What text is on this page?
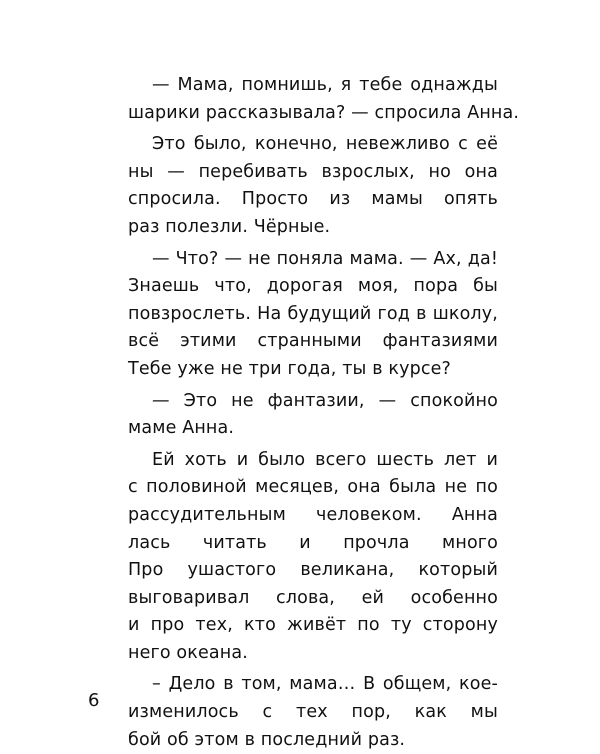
— Мама, помнишь, я тебе однажды
шарики рассказывала? — спросила Анна.
Это было, конечно, невежливо с её
ны — перебивать взрослых, но она
спросила. Просто из мамы опять
раз полезли. Чёрные.
— Что? — не поняла мама. — Ах, да!
Знаешь что, дорогая моя, пора бы
повзрослеть. На будущий год в школу,
всё этими странными фантазиями
Тебе уже не три года, ты в курсе?
— Это не фантазии, — спокойно
маме Анна.
Ей хоть и было всего шесть лет и
с половиной месяцев, она была не по
рассудительным человеком. Анна
лась читать и прочла много
Про ушастого великана, который
выговаривал слова, ей особенно
и про тех, кто живёт по ту сторону
него океана.
– Дело в том, мама… В общем, кое-
изменилось с тех пор, как мы
бой об этом в последний раз.
6
